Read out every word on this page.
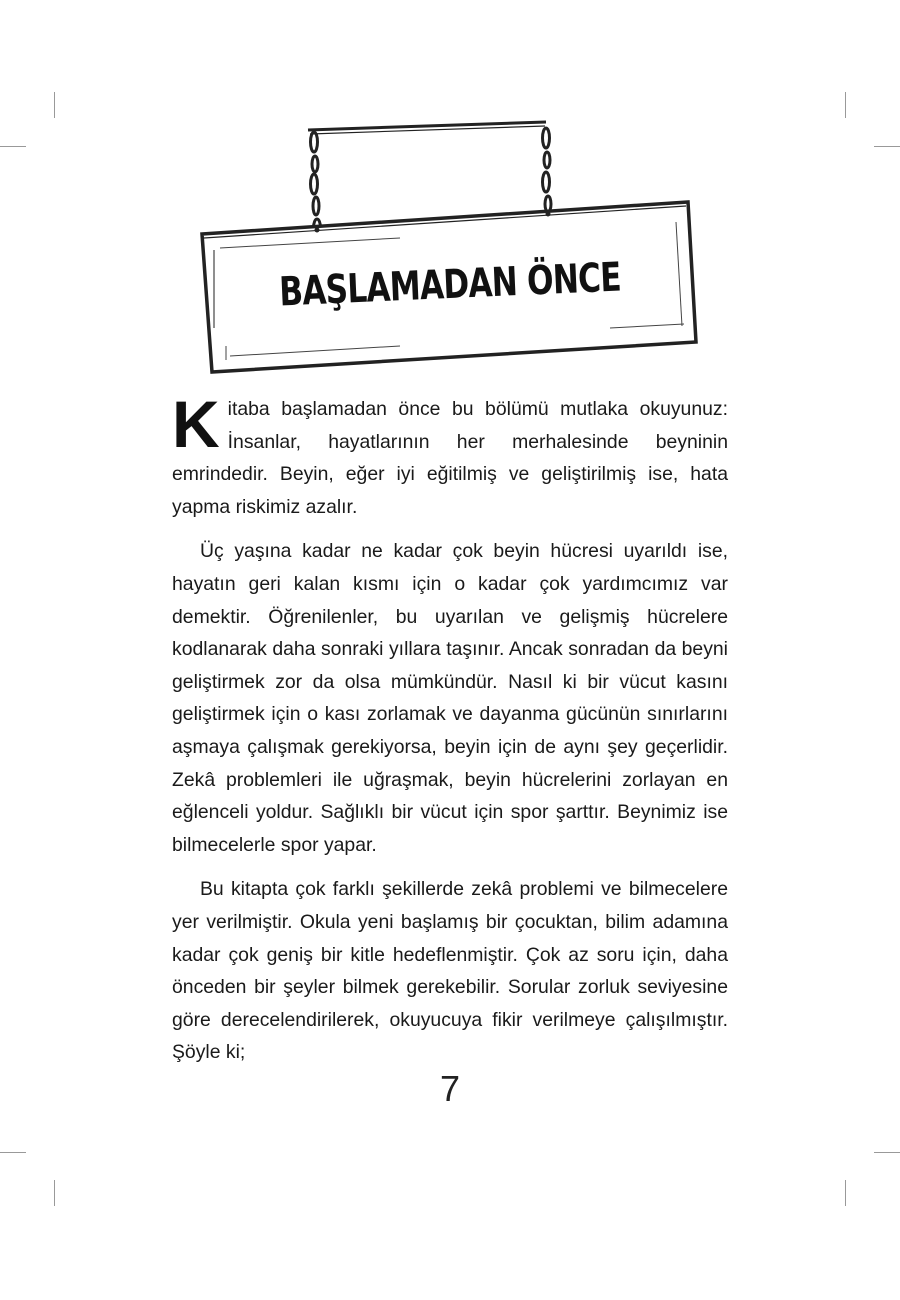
BAŞLAMADAN ÖNCE

Kitaba başlamadan önce bu bölümü mutlaka okuyunuz: İnsanlar, hayatlarının her merhalesinde beyninin emrindedir. Beyin, eğer iyi eğitilmiş ve geliştirilmiş ise, hata yapma riskimiz azalır.

Üç yaşına kadar ne kadar çok beyin hücresi uyarıldı ise, hayatın geri kalan kısmı için o kadar çok yardımcımız var demektir. Öğrenilenler, bu uyarılan ve gelişmiş hücrelere kodlanarak daha sonraki yıllara taşınır. Ancak sonradan da beyni geliştirmek zor da olsa mümkündür. Nasıl ki bir vücut kasını geliştirmek için o kası zorlamak ve dayanma gücünün sınırlarını aşmaya çalışmak gerekiyorsa, beyin için de aynı şey geçerlidir. Zekâ problemleri ile uğraşmak, beyin hücrelerini zorlayan en eğlenceli yoldur. Sağlıklı bir vücut için spor şarttır. Beynimiz ise bilmecelerle spor yapar.

Bu kitapta çok farklı şekillerde zekâ problemi ve bilmecelere yer verilmiştir. Okula yeni başlamış bir çocuktan, bilim adamına kadar çok geniş bir kitle hedeflenmiştir. Çok az soru için, daha önceden bir şeyler bilmek gerekebilir. Sorular zorluk seviyesine göre derecelendirilerek, okuyucuya fikir verilmeye çalışılmıştır. Şöyle ki;

7
